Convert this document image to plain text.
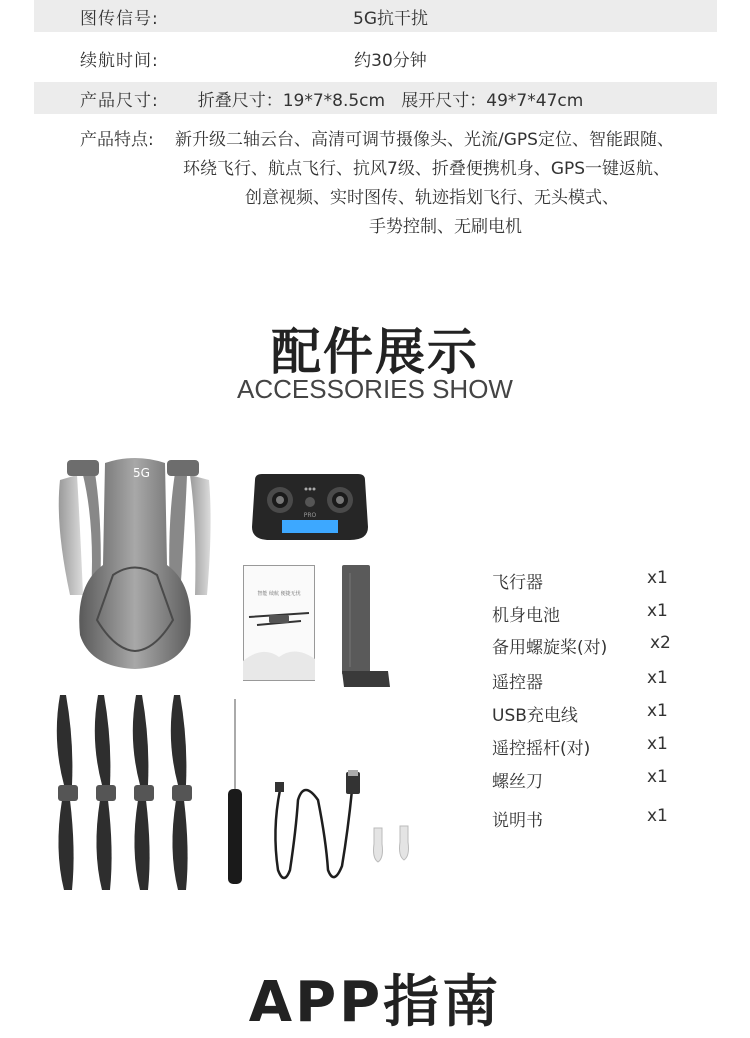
图传信号:	5G抗干扰
续航时间:	约30分钟
产品尺寸:	折叠尺寸：19*7*8.5cm   展开尺寸：49*7*47cm
产品特点: 新升级二轴云台、高清可调节摄像头、光流/GPS定位、智能跟随、
环绕飞行、航点飞行、抗风7级、折叠便携机身、GPS一键返航、
创意视频、实时图传、轨迹指划飞行、无头模式、
手势控制、无刷电机
配件展示
ACCESSORIES SHOW
5G
PRO
智能 续航 便捷无忧
飞行器	x1
机身电池	x1
备用螺旋桨(对)	x2
遥控器	x1
USB充电线	x1
遥控摇杆(对)	x1
螺丝刀	x1
说明书	x1
APP指南
